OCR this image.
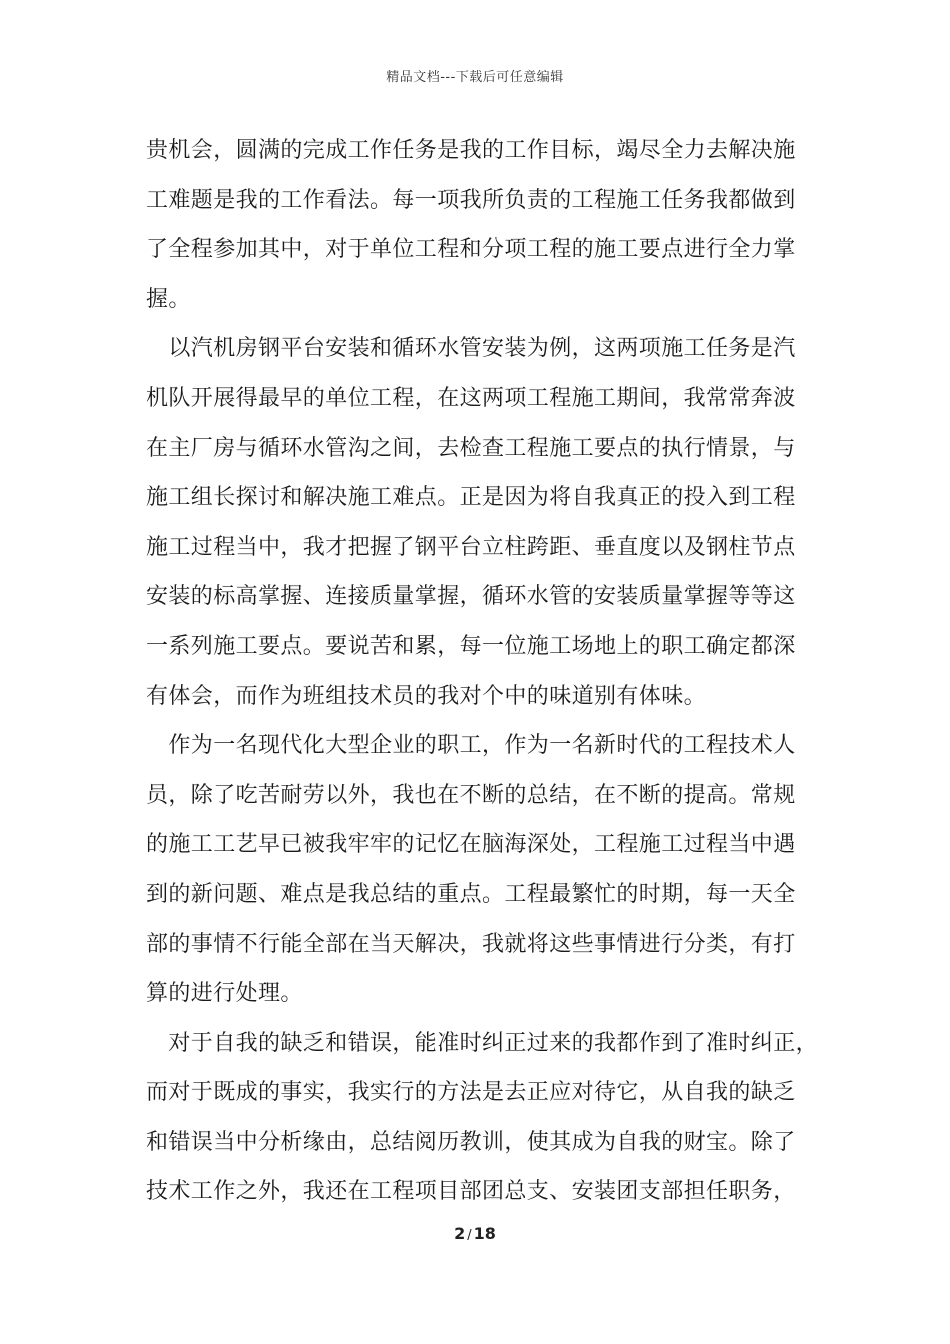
精品文档---下载后可任意编辑
贵机会，圆满的完成工作任务是我的工作目标，竭尽全力去解决施
工难题是我的工作看法。每一项我所负责的工程施工任务我都做到
了全程参加其中，对于单位工程和分项工程的施工要点进行全力掌
握。
　以汽机房钢平台安装和循环水管安装为例，这两项施工任务是汽
机队开展得最早的单位工程，在这两项工程施工期间，我常常奔波
在主厂房与循环水管沟之间，去检查工程施工要点的执行情景，与
施工组长探讨和解决施工难点。正是因为将自我真正的投入到工程
施工过程当中，我才把握了钢平台立柱跨距、垂直度以及钢柱节点
安装的标高掌握、连接质量掌握，循环水管的安装质量掌握等等这
一系列施工要点。要说苦和累，每一位施工场地上的职工确定都深
有体会，而作为班组技术员的我对个中的味道别有体味。
　作为一名现代化大型企业的职工，作为一名新时代的工程技术人
员，除了吃苦耐劳以外，我也在不断的总结，在不断的提高。常规
的施工工艺早已被我牢牢的记忆在脑海深处，工程施工过程当中遇
到的新问题、难点是我总结的重点。工程最繁忙的时期，每一天全
部的事情不行能全部在当天解决，我就将这些事情进行分类，有打
算的进行处理。
　对于自我的缺乏和错误，能准时纠正过来的我都作到了准时纠正，
而对于既成的事实，我实行的方法是去正应对待它，从自我的缺乏
和错误当中分析缘由，总结阅历教训，使其成为自我的财宝。除了
技术工作之外，我还在工程项目部团总支、安装团支部担任职务，
2 / 18
